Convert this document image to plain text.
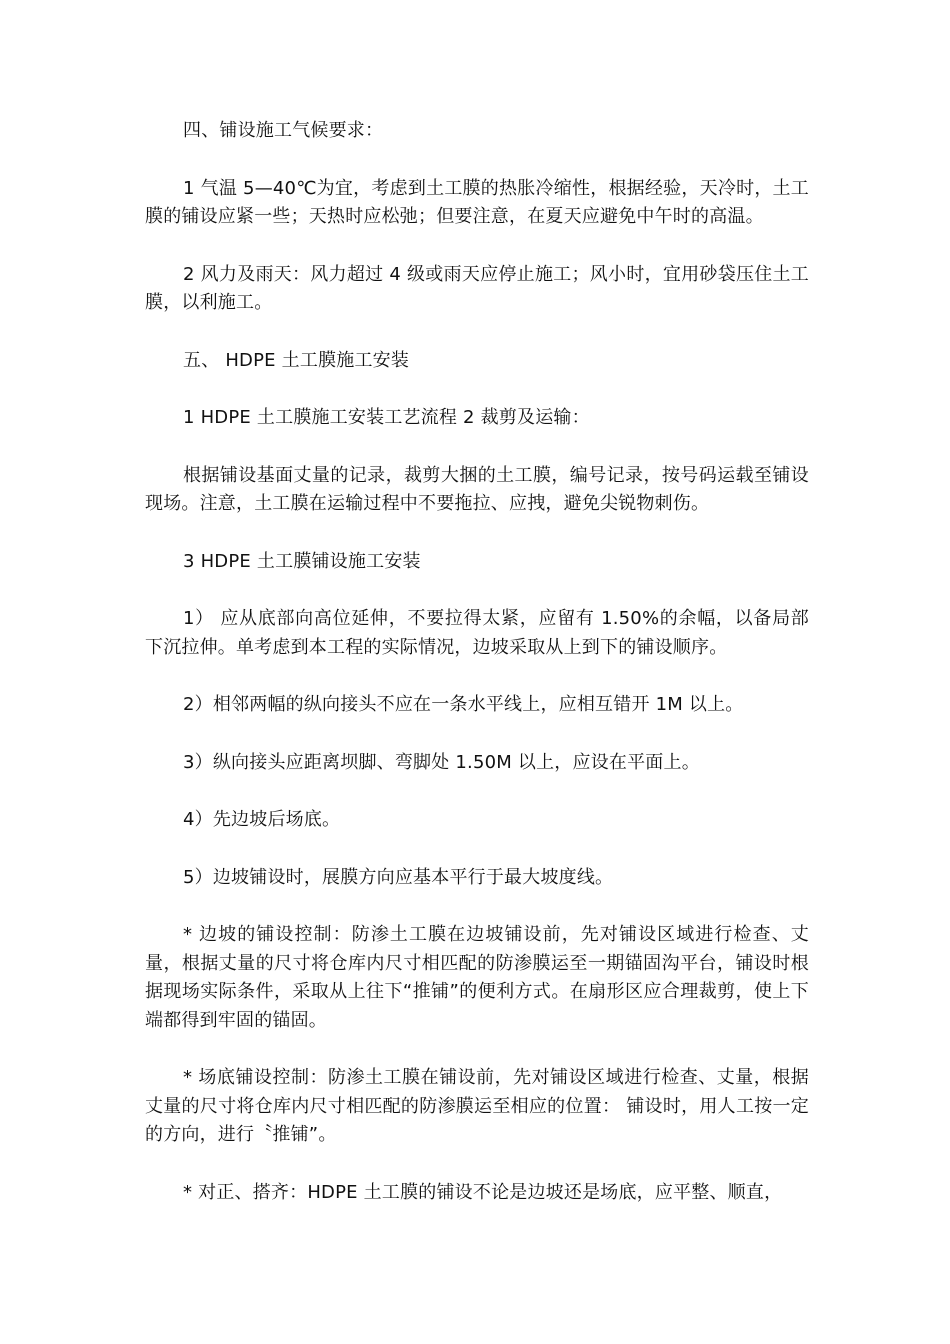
四、铺设施工气候要求：

1 气温 5—40℃为宜，考虑到土工膜的热胀冷缩性，根据经验，天冷时，土工膜的铺设应紧一些；天热时应松弛；但要注意，在夏天应避免中午时的高温。

2 风力及雨天：风力超过 4 级或雨天应停止施工；风小时，宜用砂袋压住土工膜，以利施工。

五、 HDPE 土工膜施工安装

1 HDPE 土工膜施工安装工艺流程 2 裁剪及运输：

根据铺设基面丈量的记录，裁剪大捆的土工膜，编号记录，按号码运载至铺设现场。注意，土工膜在运输过程中不要拖拉、应拽，避免尖锐物刺伤。

3 HDPE 土工膜铺设施工安装

1） 应从底部向高位延伸，不要拉得太紧，应留有 1.50%的余幅，以备局部下沉拉伸。单考虑到本工程的实际情况，边坡采取从上到下的铺设顺序。

2）相邻两幅的纵向接头不应在一条水平线上，应相互错开 1M 以上。

3）纵向接头应距离坝脚、弯脚处 1.50M 以上，应设在平面上。

4）先边坡后场底。

5）边坡铺设时，展膜方向应基本平行于最大坡度线。

* 边坡的铺设控制：防渗土工膜在边坡铺设前，先对铺设区域进行检查、丈量，根据丈量的尺寸将仓库内尺寸相匹配的防渗膜运至一期锚固沟平台，铺设时根据现场实际条件，采取从上往下“推铺”的便利方式。在扇形区应合理裁剪，使上下端都得到牢固的锚固。

* 场底铺设控制：防渗土工膜在铺设前，先对铺设区域进行检查、丈量，根据丈量的尺寸将仓库内尺寸相匹配的防渗膜运至相应的位置： 铺设时，用人工按一定的方向，进行〝推铺”。

* 对正、搭齐：HDPE 土工膜的铺设不论是边坡还是场底，应平整、顺直，
